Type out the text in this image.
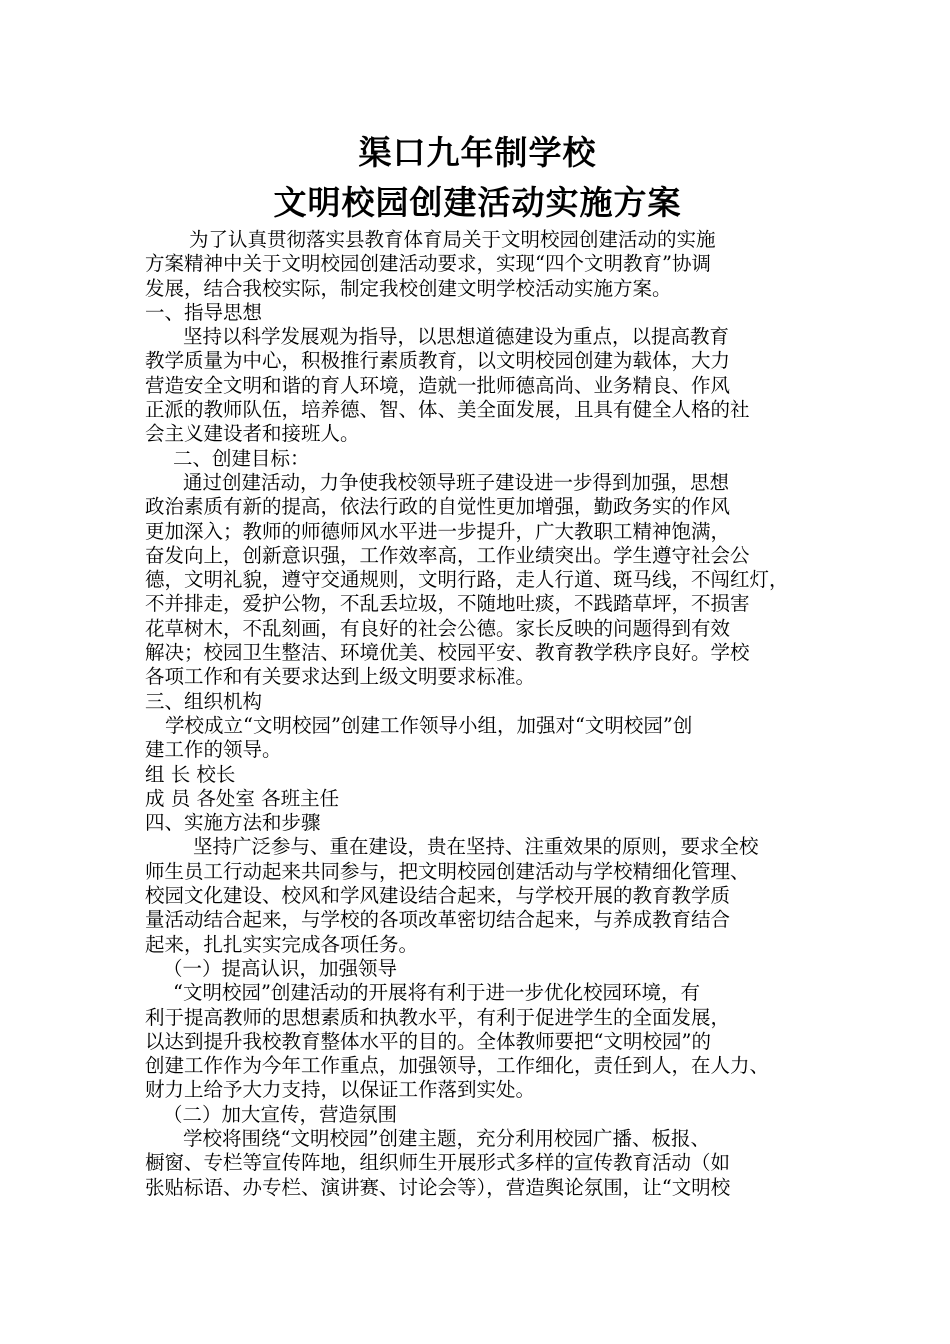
渠口九年制学校
文明校园创建活动实施方案

为了认真贯彻落实县教育体育局关于文明校园创建活动的实施

方案精神中关于文明校园创建活动要求，实现“四个文明教育”协调

发展，结合我校实际，制定我校创建文明学校活动实施方案。

一、指导思想

坚持以科学发展观为指导，以思想道德建设为重点，以提高教育

教学质量为中心，积极推行素质教育，以文明校园创建为载体，大力

营造安全文明和谐的育人环境，造就一批师德高尚、业务精良、作风

正派的教师队伍，培养德、智、体、美全面发展，且具有健全人格的社

会主义建设者和接班人。

二、创建目标：

通过创建活动，力争使我校领导班子建设进一步得到加强，思想

政治素质有新的提高，依法行政的自觉性更加增强，勤政务实的作风

更加深入；教师的师德师风水平进一步提升，广大教职工精神饱满，

奋发向上，创新意识强，工作效率高，工作业绩突出。学生遵守社会公

德，文明礼貌，遵守交通规则，文明行路，走人行道、斑马线，不闯红灯，

不并排走，爱护公物，不乱丢垃圾，不随地吐痰，不践踏草坪，不损害

花草树木，不乱刻画，有良好的社会公德。家长反映的问题得到有效

解决；校园卫生整洁、环境优美、校园平安、教育教学秩序良好。学校

各项工作和有关要求达到上级文明要求标准。

三、组织机构

学校成立“文明校园”创建工作领导小组，加强对“文明校园”创

建工作的领导。

组 长 校长

成 员 各处室 各班主任

四、实施方法和步骤

坚持广泛参与、重在建设，贵在坚持、注重效果的原则，要求全校

师生员工行动起来共同参与，把文明校园创建活动与学校精细化管理、

校园文化建设、校风和学风建设结合起来，与学校开展的教育教学质

量活动结合起来，与学校的各项改革密切结合起来，与养成教育结合

起来，扎扎实实完成各项任务。

（一）提高认识，加强领导

“文明校园”创建活动的开展将有利于进一步优化校园环境，有

利于提高教师的思想素质和执教水平，有利于促进学生的全面发展，

以达到提升我校教育整体水平的目的。全体教师要把“文明校园”的

创建工作作为今年工作重点，加强领导，工作细化，责任到人，在人力、

财力上给予大力支持，以保证工作落到实处。

（二）加大宣传，营造氛围

学校将围绕“文明校园”创建主题，充分利用校园广播、板报、

橱窗、专栏等宣传阵地，组织师生开展形式多样的宣传教育活动（如

张贴标语、办专栏、演讲赛、讨论会等），营造舆论氛围，让“文明校
